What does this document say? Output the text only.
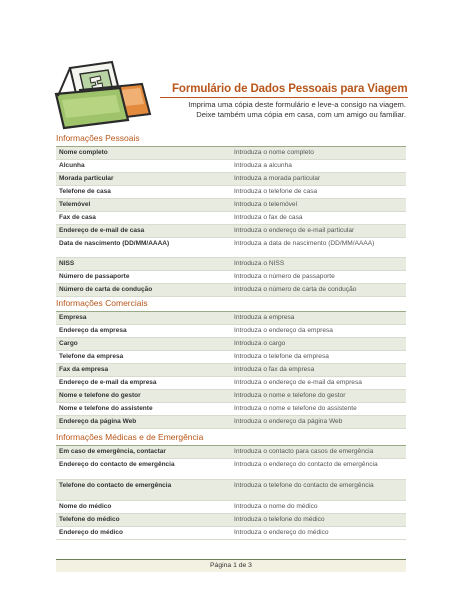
Formulário de Dados Pessoais para Viagem
Imprima uma cópia deste formulário e leve-a consigo na viagem.
Deixe também uma cópia em casa, com um amigo ou familiar.
Informações Pessoais
Nome completo	Introduza o nome completo
Alcunha	Introduza a alcunha
Morada particular	Introduza a morada particular
Telefone de casa	Introduza o telefone de casa
Telemóvel	Introduza o telemóvel
Fax de casa	Introduza o fax de casa
Endereço de e-mail de casa	Introduza o endereço de e-mail particular
Data de nascimento (DD/MM/AAAA)	Introduza a data de nascimento (DD/MM/AAAA)
NISS	Introduza o NISS
Número de passaporte	Introduza o número de passaporte
Número de carta de condução	Introduza o número de carta de condução
Informações Comerciais
Empresa	Introduza a empresa
Endereço da empresa	Introduza o endereço da empresa
Cargo	Introduza o cargo
Telefone da empresa	Introduza o telefone da empresa
Fax da empresa	Introduza o fax da empresa
Endereço de e-mail da empresa	Introduza o endereço de e-mail da empresa
Nome e telefone do gestor	Introduza o nome e telefone do gestor
Nome e telefone do assistente	Introduza o nome e telefone do assistente
Endereço da página Web	Introduza o endereço da página Web
Informações Médicas e de Emergência
Em caso de emergência, contactar	Introduza o contacto para casos de emergência
Endereço do contacto de emergência	Introduza o endereço do contacto de emergência
Telefone do contacto de emergência	Introduza o telefone do contacto de emergência
Nome do médico	Introduza o nome do médico
Telefone do médico	Introduza o telefone do médico
Endereço do médico	Introduza o endereço do médico
Página 1 de 3
